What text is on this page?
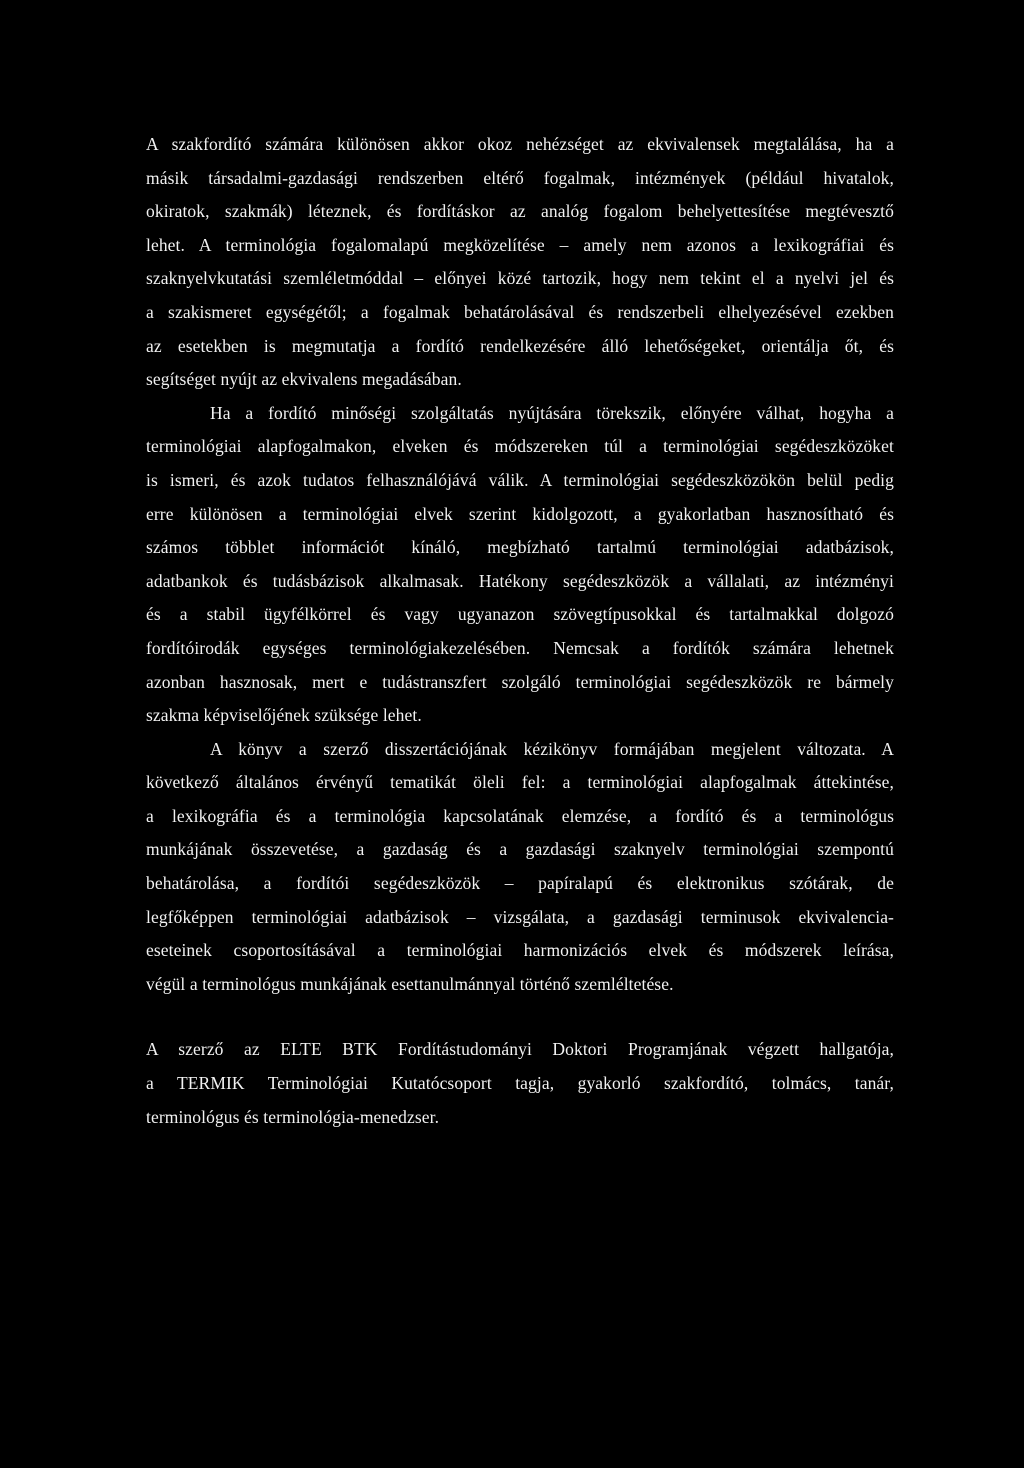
A szakfordító számára különösen akkor okoz nehézséget az ekvivalensek megtalálása, ha a
másik társadalmi-gazdasági rendszerben eltérő fogalmak, intézmények (például hivatalok,
okiratok, szakmák) léteznek, és fordításkor az analóg fogalom behelyettesítése megtévesztő
lehet. A terminológia fogalomalapú megközelítése – amely nem azonos a lexikográfiai és
szaknyelvkutatási szemléletmóddal – előnyei közé tartozik, hogy nem tekint el a nyelvi jel és
a szakismeret egységétől; a fogalmak behatárolásával és rendszerbeli elhelyezésével ezekben
az esetekben is megmutatja a fordító rendelkezésére álló lehetőségeket, orientálja őt, és
segítséget nyújt az ekvivalens megadásában.

Ha a fordító minőségi szolgáltatás nyújtására törekszik, előnyére válhat, hogyha a
terminológiai alapfogalmakon, elveken és módszereken túl a terminológiai segédeszközöket
is ismeri, és azok tudatos felhasználójává válik. A terminológiai segédeszközökön belül pedig
erre különösen a terminológiai elvek szerint kidolgozott, a gyakorlatban hasznosítható és
számos többlet információt kínáló, megbízható tartalmú terminológiai adatbázisok,
adatbankok és tudásbázisok alkalmasak. Hatékony segédeszközök a vállalati, az intézményi
és a stabil ügyfélkörrel és vagy ugyanazon szövegtípusokkal és tartalmakkal dolgozó
fordítóirodák egységes terminológiakezelésében. Nemcsak a fordítók számára lehetnek
azonban hasznosak, mert e tudástranszfert szolgáló terminológiai segédeszközök re bármely
szakma képviselőjének szüksége lehet.

A könyv a szerző disszertációjának kézikönyv formájában megjelent változata. A
következő általános érvényű tematikát öleli fel: a terminológiai alapfogalmak áttekintése,
a lexikográfia és a terminológia kapcsolatának elemzése, a fordító és a terminológus
munkájának összevetése, a gazdaság és a gazdasági szaknyelv terminológiai szempontú
behatárolása, a fordítói segédeszközök – papíralapú és elektronikus szótárak, de
legfőképpen terminológiai adatbázisok – vizsgálata, a gazdasági terminusok ekvivalencia-
eseteinek csoportosításával a terminológiai harmonizációs elvek és módszerek leírása,
végül a terminológus munkájának esettanulmánnyal történő szemléltetése.

A szerző az ELTE BTK Fordítástudományi Doktori Programjának végzett hallgatója,
a TERMIK Terminológiai Kutatócsoport tagja, gyakorló szakfordító, tolmács, tanár,
terminológus és terminológia-menedzser.
